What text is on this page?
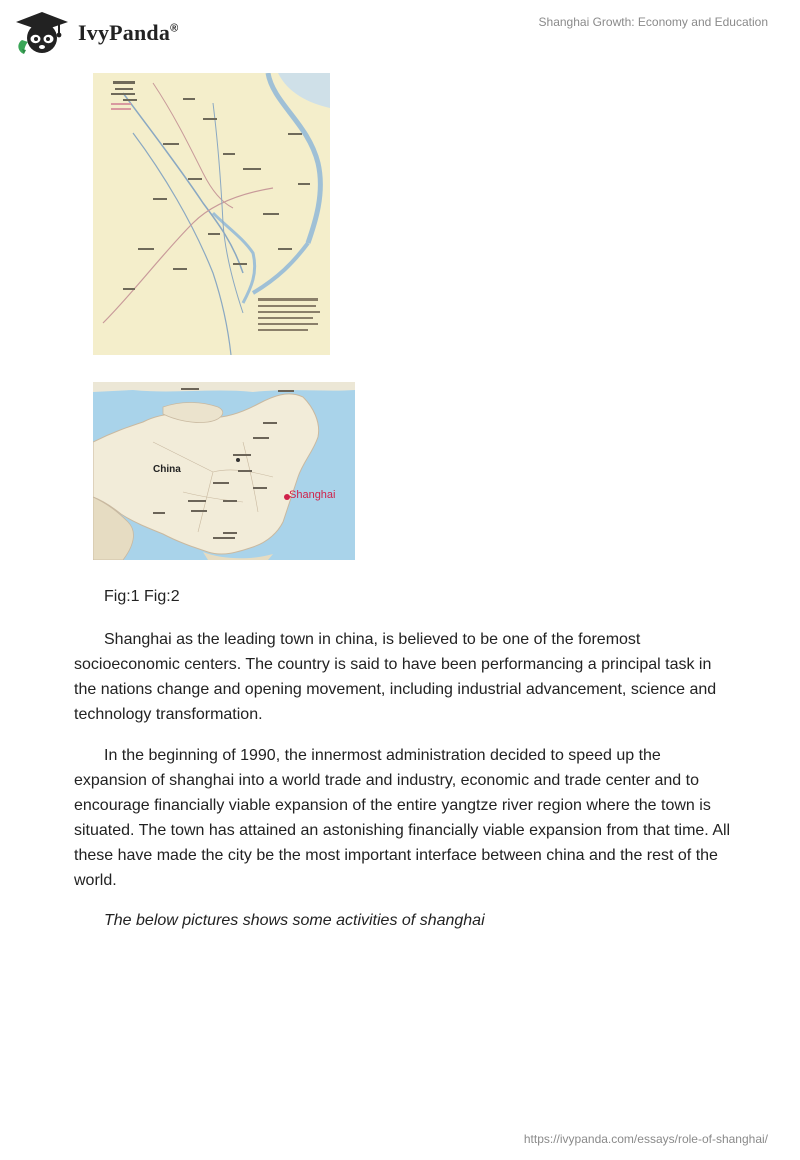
IvyPanda®	Shanghai Growth: Economy and Education
China
Shanghai
Fig:1 Fig:2

Shanghai as the leading town in china, is believed to be one of the foremost socioeconomic centers. The country is said to have been performancing a principal task in the nations change and opening movement, including industrial advancement, science and technology transformation.

In the beginning of 1990, the innermost administration decided to speed up the expansion of shanghai into a world trade and industry, economic and trade center and to encourage financially viable expansion of the entire yangtze river region where the town is situated. The town has attained an astonishing financially viable expansion from that time. All these have made the city be the most important interface between china and the rest of the world.

The below pictures shows some activities of shanghai

https://ivypanda.com/essays/role-of-shanghai/
